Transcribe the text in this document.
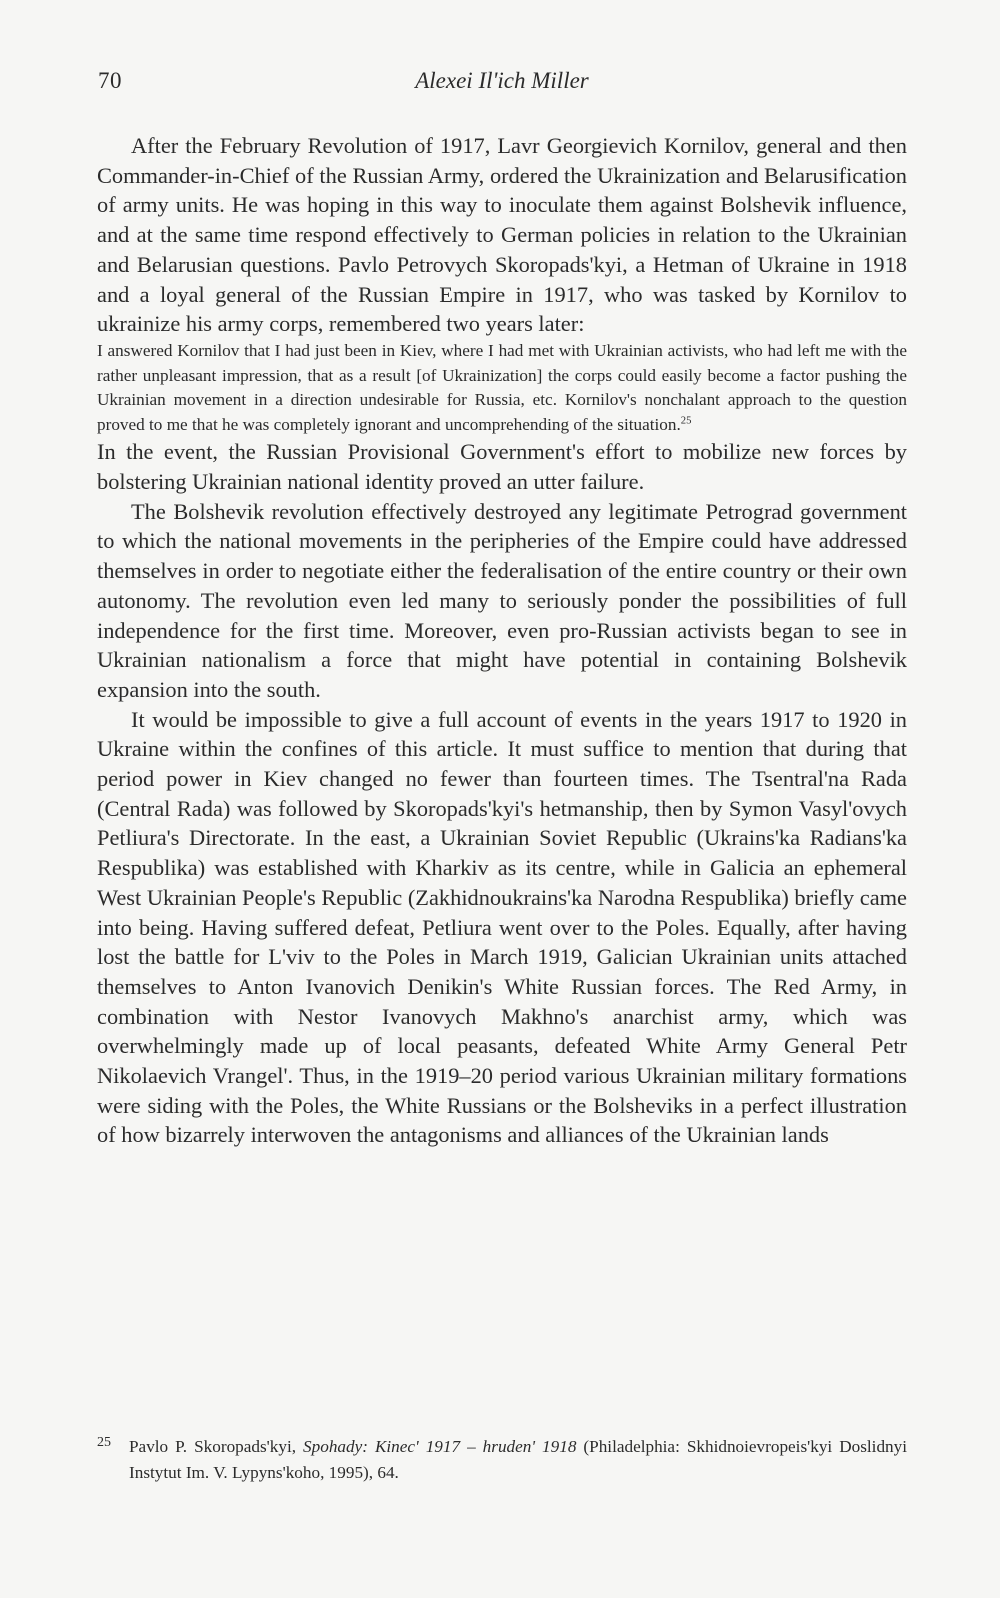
70	Alexei Il'ich Miller

After the February Revolution of 1917, Lavr Georgievich Kornilov, general and then Commander-in-Chief of the Russian Army, ordered the Ukrainization and Belarusification of army units. He was hoping in this way to inoculate them against Bolshevik influence, and at the same time respond effectively to German policies in relation to the Ukrainian and Belarusian questions. Pavlo Petrovych Skoropads'kyi, a Hetman of Ukraine in 1918 and a loyal general of the Russian Empire in 1917, who was tasked by Kornilov to ukrainize his army corps, remembered two years later:

I answered Kornilov that I had just been in Kiev, where I had met with Ukrainian activists, who had left me with the rather unpleasant impression, that as a result [of Ukrainization] the corps could easily become a factor pushing the Ukrainian movement in a direction undesirable for Russia, etc. Kornilov's nonchalant approach to the question proved to me that he was completely ignorant and uncomprehending of the situation.$^{25}$

In the event, the Russian Provisional Government's effort to mobilize new forces by bolstering Ukrainian national identity proved an utter failure.

The Bolshevik revolution effectively destroyed any legitimate Petrograd government to which the national movements in the peripheries of the Empire could have addressed themselves in order to negotiate either the federalisation of the entire country or their own autonomy. The revolution even led many to seriously ponder the possibilities of full independence for the first time. Moreover, even pro-Russian activists began to see in Ukrainian nationalism a force that might have potential in containing Bolshevik expansion into the south.

It would be impossible to give a full account of events in the years 1917 to 1920 in Ukraine within the confines of this article. It must suffice to mention that during that period power in Kiev changed no fewer than fourteen times. The Tsentral'na Rada (Central Rada) was followed by Skoropads'kyi's hetmanship, then by Symon Vasyl'ovych Petliura's Directorate. In the east, a Ukrainian Soviet Republic (Ukrains'ka Radians'ka Respublika) was established with Kharkiv as its centre, while in Galicia an ephemeral West Ukrainian People's Republic (Zakhidnoukrains'ka Narodna Respublika) briefly came into being. Having suffered defeat, Petliura went over to the Poles. Equally, after having lost the battle for L'viv to the Poles in March 1919, Galician Ukrainian units attached themselves to Anton Ivanovich Denikin's White Russian forces. The Red Army, in combination with Nestor Ivanovych Makhno's anarchist army, which was overwhelmingly made up of local peasants, defeated White Army General Petr Nikolaevich Vrangel'. Thus, in the 1919–20 period various Ukrainian military formations were siding with the Poles, the White Russians or the Bolsheviks in a perfect illustration of how bizarrely interwoven the antagonisms and alliances of the Ukrainian lands

25	Pavlo P. Skoropads'kyi, Spohady: Kinec' 1917 – hruden' 1918 (Philadelphia: Skhidnoievropeis'kyi Doslidnyi Instytut Im. V. Lypyns'koho, 1995), 64.
